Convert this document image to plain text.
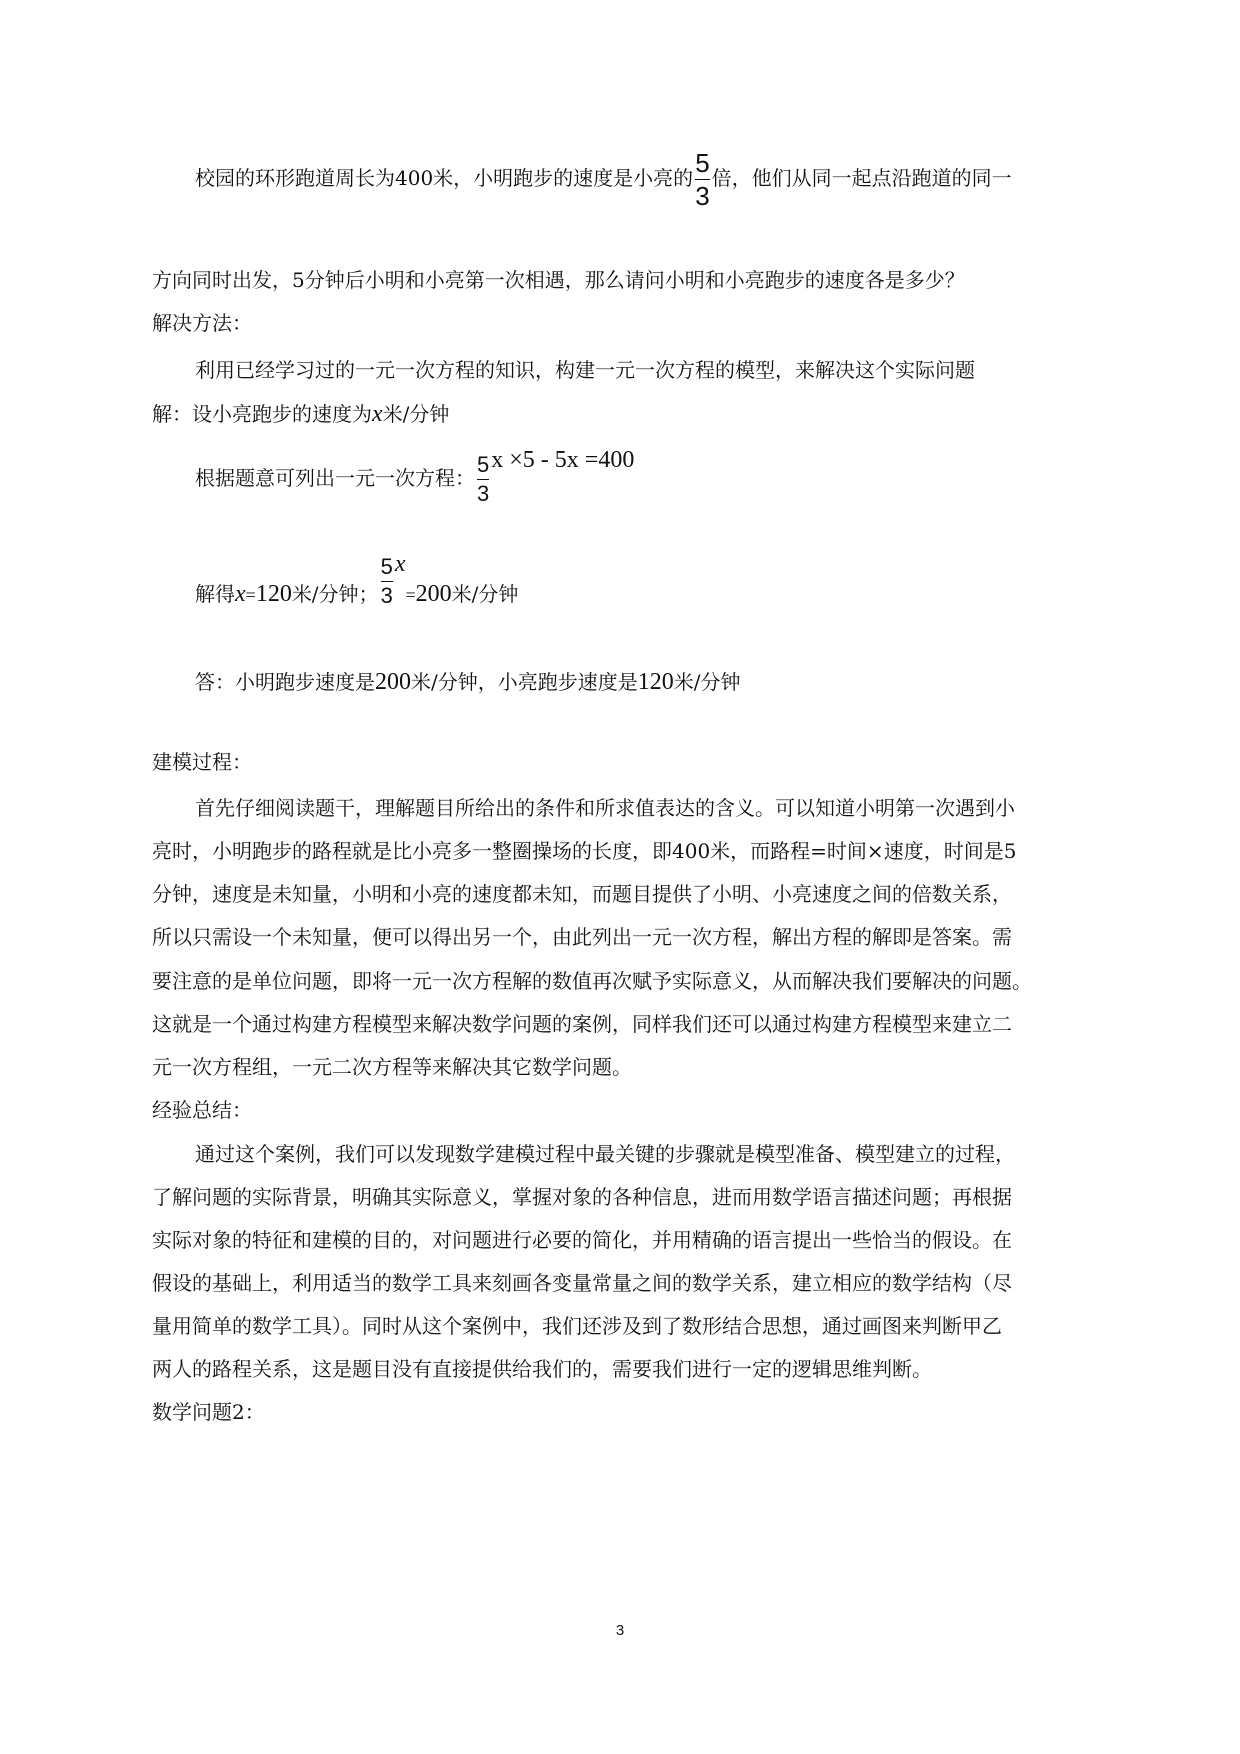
校园的环形跑道周长为400米，小明跑步的速度是小亮的 $\frac{5}{3}$ 倍，他们从同一起点沿跑道的同一

方向同时出发，5分钟后小明和小亮第一次相遇，那么请问小明和小亮跑步的速度各是多少？

解决方法：

利用已经学习过的一元一次方程的知识，构建一元一次方程的模型，来解决这个实际问题

解：设小亮跑步的速度为x米/分钟

根据题意可列出一元一次方程： $\frac{5}{3}$ x ×5 - 5x =400

解得x=120米/分钟； $\frac{5}{3} x=200$米/分钟

答：小明跑步速度是200米/分钟，小亮跑步速度是120米/分钟

建模过程：

首先仔细阅读题干，理解题目所给出的条件和所求值表达的含义。可以知道小明第一次遇到小

亮时，小明跑步的路程就是比小亮多一整圈操场的长度，即400米，而路程=时间×速度，时间是5

分钟，速度是未知量，小明和小亮的速度都未知，而题目提供了小明、小亮速度之间的倍数关系，

所以只需设一个未知量，便可以得出另一个，由此列出一元一次方程，解出方程的解即是答案。需

要注意的是单位问题，即将一元一次方程解的数值再次赋予实际意义，从而解决我们要解决的问题。

这就是一个通过构建方程模型来解决数学问题的案例，同样我们还可以通过构建方程模型来建立二

元一次方程组，一元二次方程等来解决其它数学问题。

经验总结：

通过这个案例，我们可以发现数学建模过程中最关键的步骤就是模型准备、模型建立的过程，

了解问题的实际背景，明确其实际意义，掌握对象的各种信息，进而用数学语言描述问题；再根据

实际对象的特征和建模的目的，对问题进行必要的简化，并用精确的语言提出一些恰当的假设。在

假设的基础上，利用适当的数学工具来刻画各变量常量之间的数学关系，建立相应的数学结构（尽

量用简单的数学工具）。同时从这个案例中，我们还涉及到了数形结合思想，通过画图来判断甲乙

两人的路程关系，这是题目没有直接提供给我们的，需要我们进行一定的逻辑思维判断。

数学问题2：

3
